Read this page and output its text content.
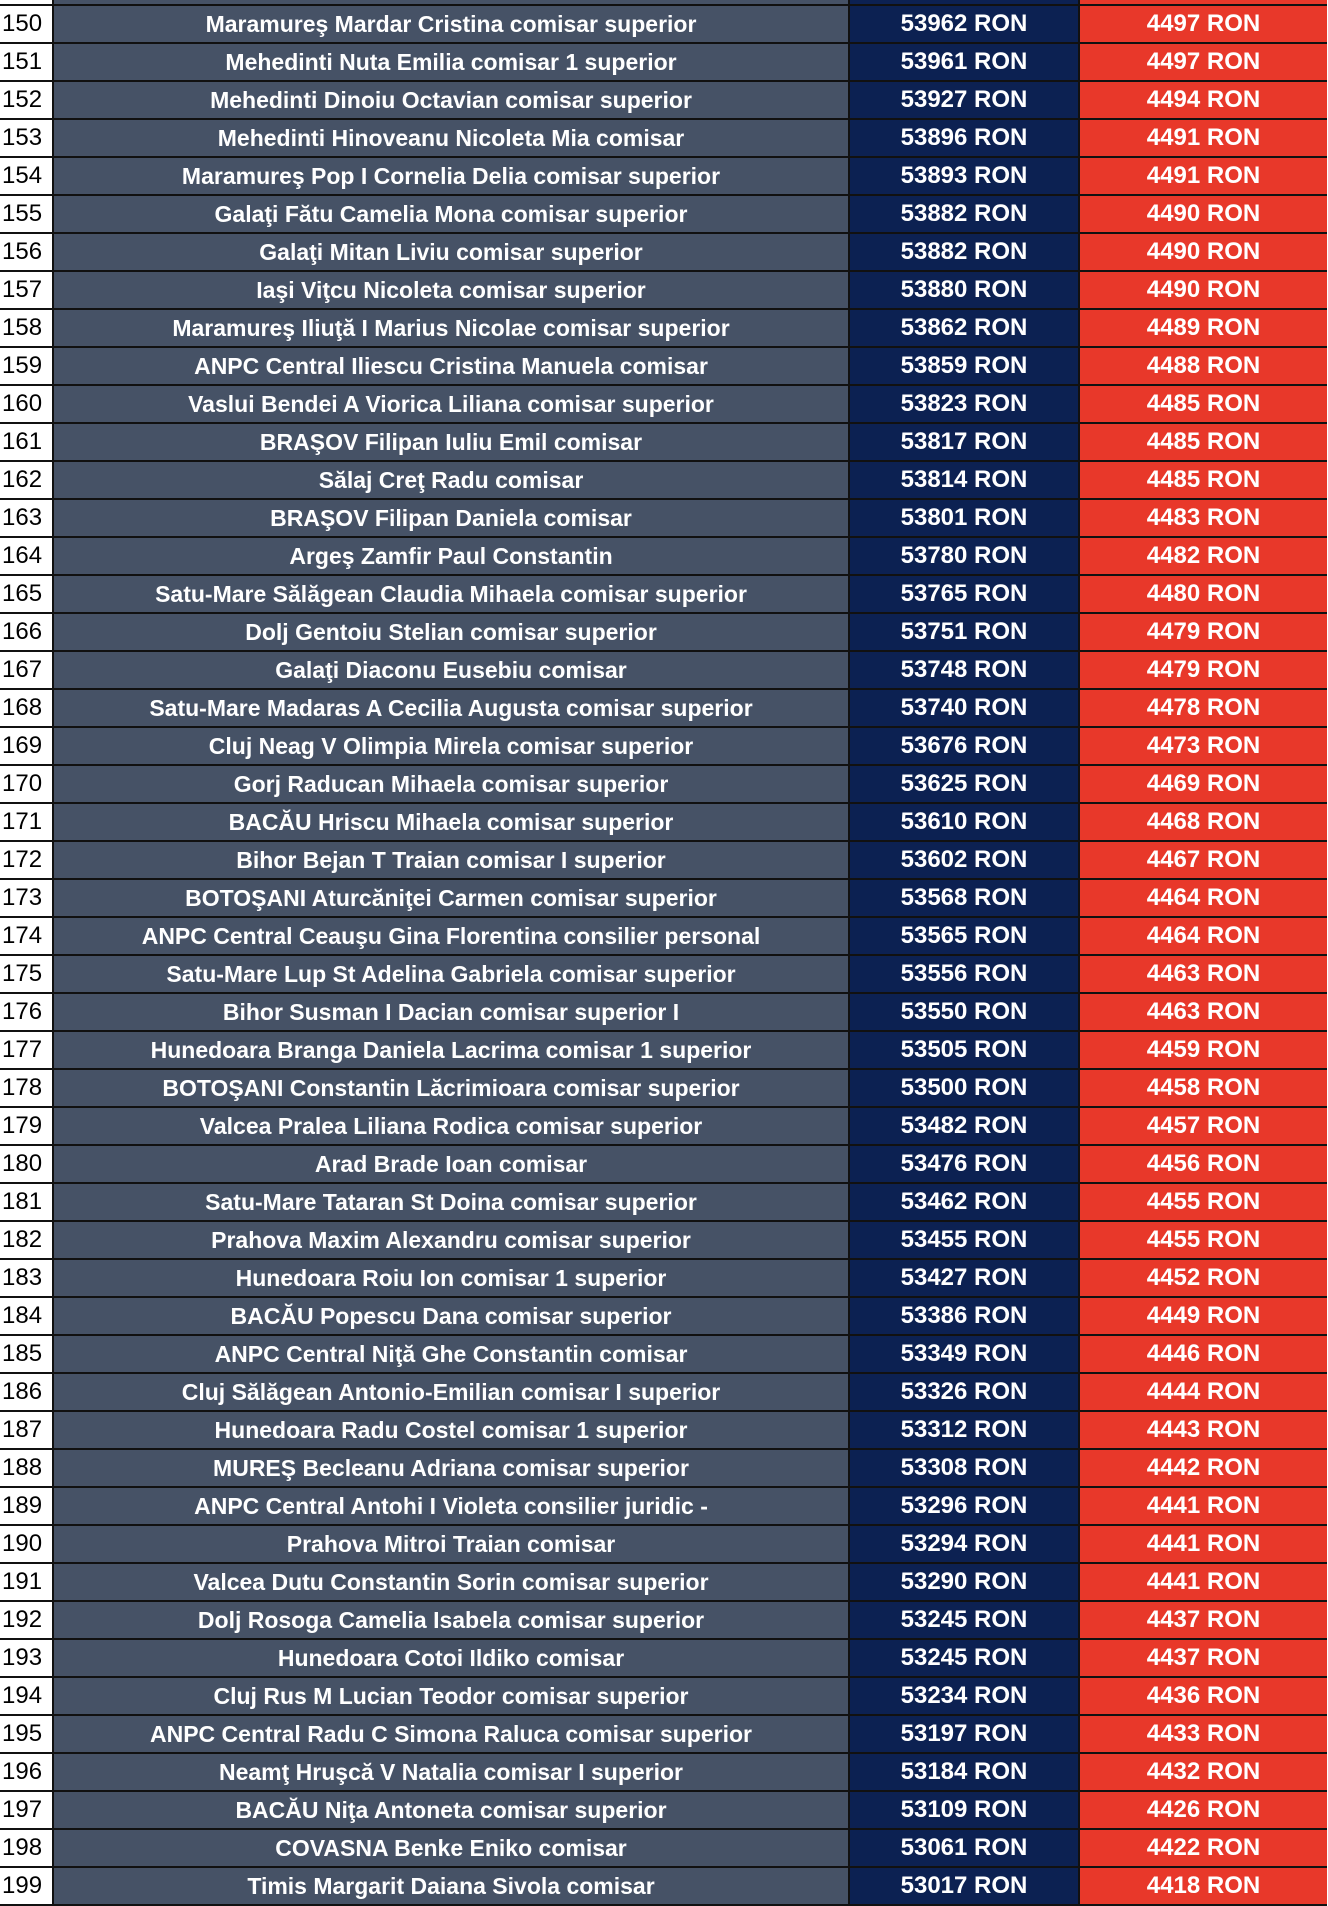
150	Maramureş Mardar Cristina comisar superior	53962 RON	4497 RON
151	Mehedinti Nuta Emilia comisar 1 superior	53961 RON	4497 RON
152	Mehedinti Dinoiu Octavian comisar superior	53927 RON	4494 RON
153	Mehedinti Hinoveanu Nicoleta Mia comisar	53896 RON	4491 RON
154	Maramureş Pop I Cornelia Delia comisar superior	53893 RON	4491 RON
155	Galaţi Fătu Camelia Mona comisar superior	53882 RON	4490 RON
156	Galaţi Mitan Liviu comisar superior	53882 RON	4490 RON
157	Iaşi Viţcu Nicoleta comisar superior	53880 RON	4490 RON
158	Maramureş Iliuţă I Marius Nicolae comisar superior	53862 RON	4489 RON
159	ANPC Central Iliescu Cristina Manuela comisar	53859 RON	4488 RON
160	Vaslui Bendei A Viorica Liliana comisar superior	53823 RON	4485 RON
161	BRAŞOV Filipan Iuliu Emil comisar	53817 RON	4485 RON
162	Sălaj Creţ Radu comisar	53814 RON	4485 RON
163	BRAŞOV Filipan Daniela comisar	53801 RON	4483 RON
164	Argeş Zamfir Paul Constantin	53780 RON	4482 RON
165	Satu-Mare Sălăgean Claudia Mihaela comisar superior	53765 RON	4480 RON
166	Dolj Gentoiu Stelian comisar superior	53751 RON	4479 RON
167	Galaţi Diaconu Eusebiu comisar	53748 RON	4479 RON
168	Satu-Mare Madaras A Cecilia Augusta comisar superior	53740 RON	4478 RON
169	Cluj Neag V Olimpia Mirela comisar superior	53676 RON	4473 RON
170	Gorj Raducan Mihaela comisar superior	53625 RON	4469 RON
171	BACĂU Hriscu Mihaela comisar superior	53610 RON	4468 RON
172	Bihor Bejan T Traian comisar I superior	53602 RON	4467 RON
173	BOTOŞANI Aturcăniţei Carmen comisar superior	53568 RON	4464 RON
174	ANPC Central Ceauşu Gina Florentina consilier personal	53565 RON	4464 RON
175	Satu-Mare Lup St Adelina Gabriela comisar superior	53556 RON	4463 RON
176	Bihor Susman I Dacian comisar superior I	53550 RON	4463 RON
177	Hunedoara Branga Daniela Lacrima comisar 1 superior	53505 RON	4459 RON
178	BOTOŞANI Constantin Lăcrimioara comisar superior	53500 RON	4458 RON
179	Valcea Pralea Liliana Rodica comisar superior	53482 RON	4457 RON
180	Arad Brade Ioan comisar	53476 RON	4456 RON
181	Satu-Mare Tataran St Doina comisar superior	53462 RON	4455 RON
182	Prahova Maxim Alexandru comisar superior	53455 RON	4455 RON
183	Hunedoara Roiu Ion comisar 1 superior	53427 RON	4452 RON
184	BACĂU Popescu Dana comisar superior	53386 RON	4449 RON
185	ANPC Central Niţă Ghe Constantin comisar	53349 RON	4446 RON
186	Cluj Sălăgean Antonio-Emilian comisar I superior	53326 RON	4444 RON
187	Hunedoara Radu Costel comisar 1 superior	53312 RON	4443 RON
188	MUREŞ Becleanu Adriana comisar superior	53308 RON	4442 RON
189	ANPC Central Antohi I Violeta consilier juridic -	53296 RON	4441 RON
190	Prahova Mitroi Traian comisar	53294 RON	4441 RON
191	Valcea Dutu Constantin Sorin comisar superior	53290 RON	4441 RON
192	Dolj Rosoga Camelia Isabela comisar superior	53245 RON	4437 RON
193	Hunedoara Cotoi Ildiko comisar	53245 RON	4437 RON
194	Cluj Rus M Lucian Teodor comisar superior	53234 RON	4436 RON
195	ANPC Central Radu C Simona Raluca comisar superior	53197 RON	4433 RON
196	Neamţ Hruşcă V Natalia comisar I superior	53184 RON	4432 RON
197	BACĂU Niţa Antoneta comisar superior	53109 RON	4426 RON
198	COVASNA Benke Eniko comisar	53061 RON	4422 RON
199	Timis Margarit Daiana Sivola comisar	53017 RON	4418 RON
